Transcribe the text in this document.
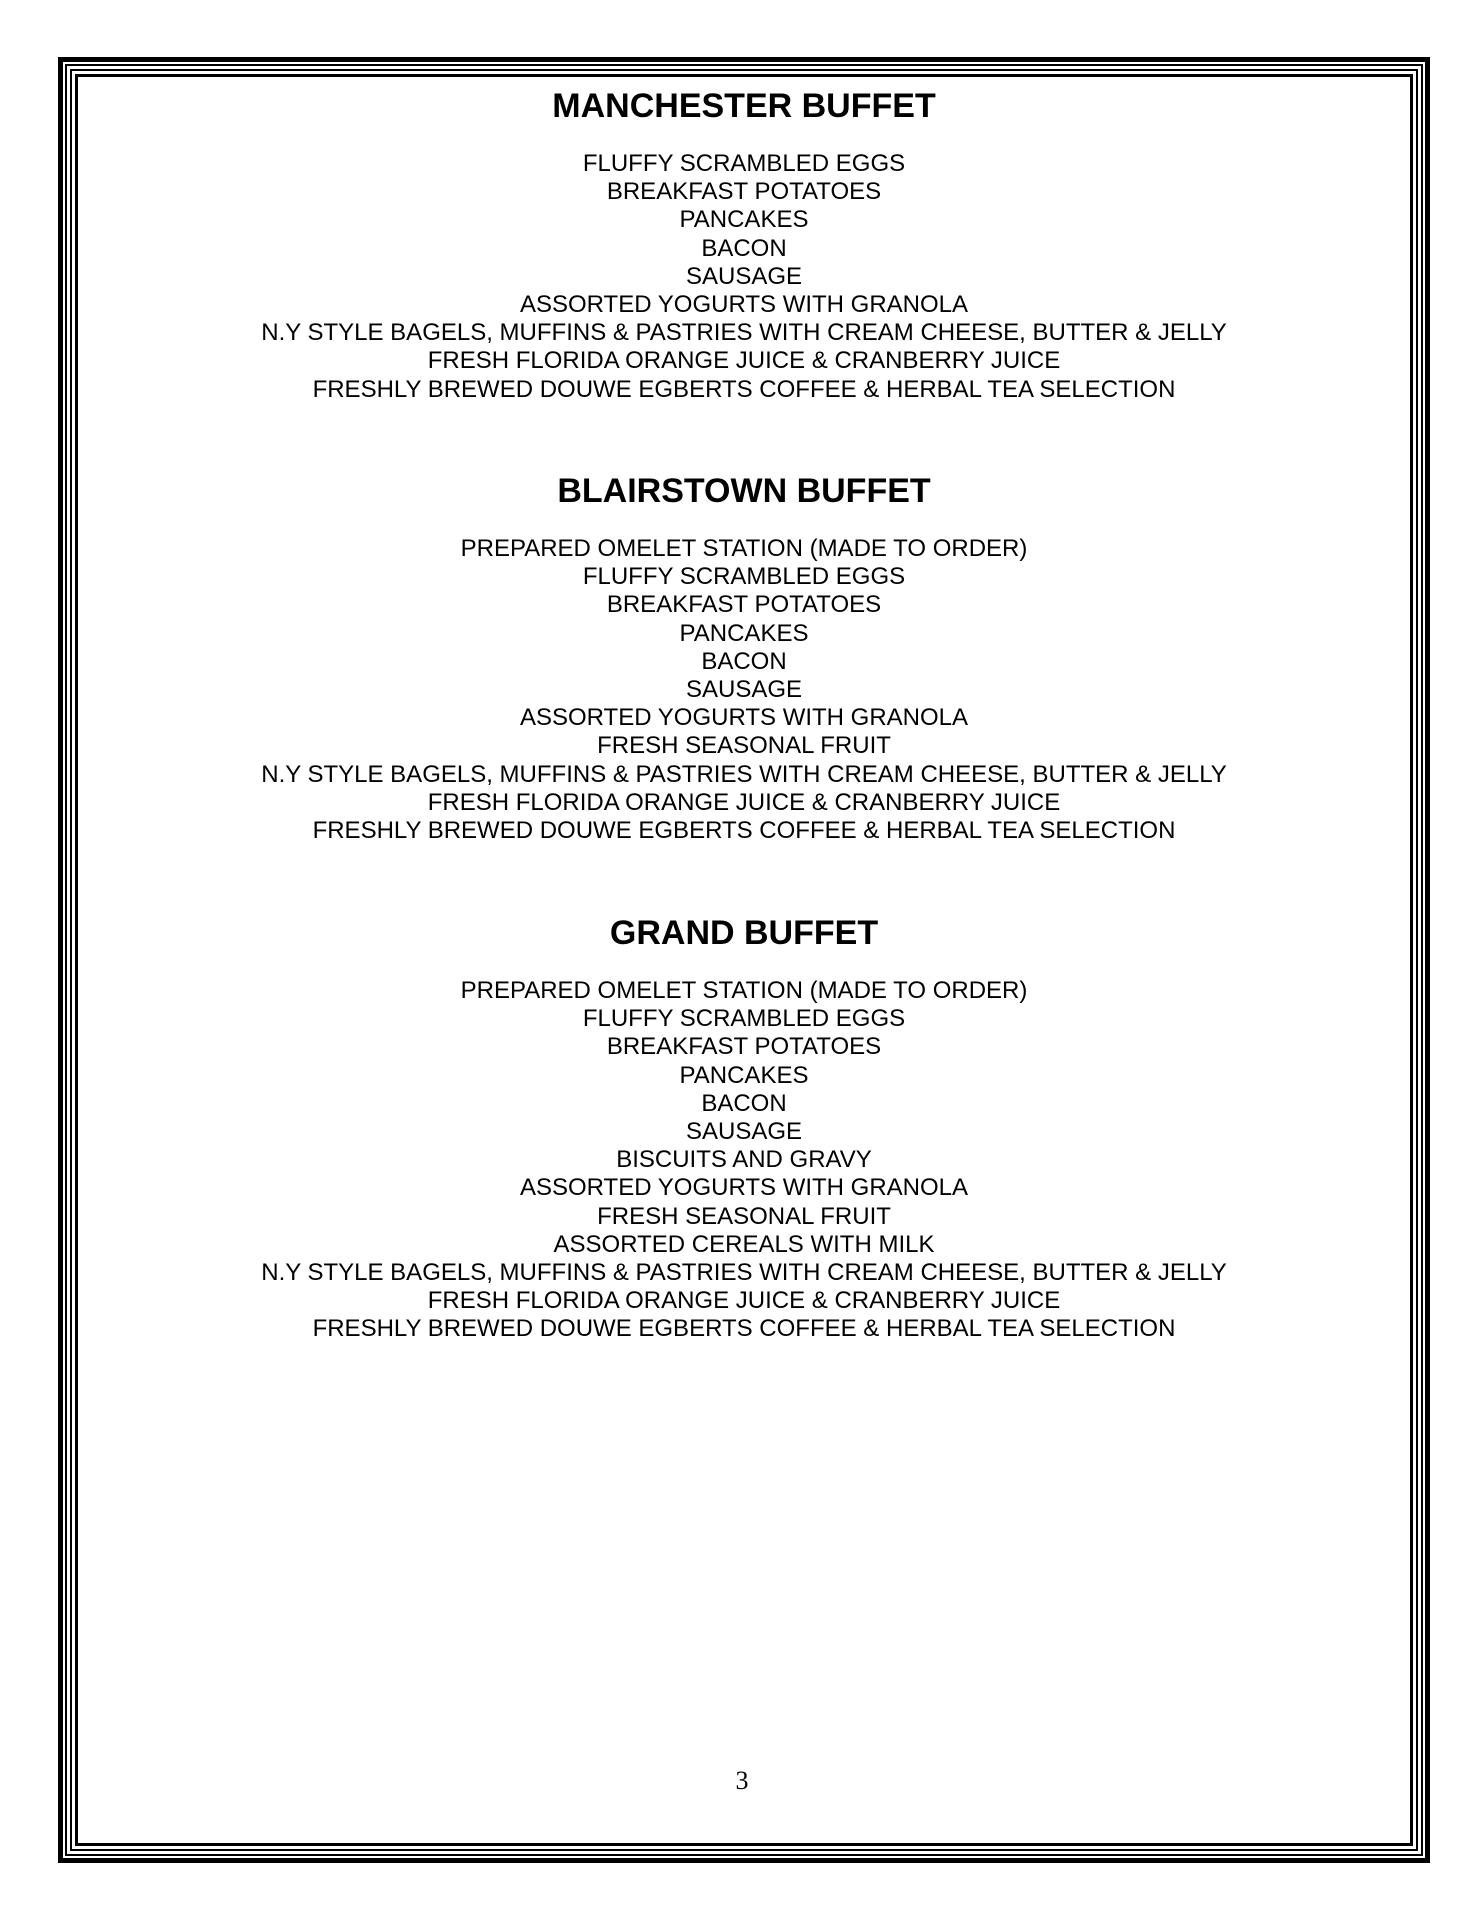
MANCHESTER BUFFET
FLUFFY SCRAMBLED EGGS
BREAKFAST POTATOES
PANCAKES
BACON
SAUSAGE
ASSORTED YOGURTS WITH GRANOLA
N.Y STYLE BAGELS, MUFFINS & PASTRIES WITH CREAM CHEESE, BUTTER & JELLY
FRESH FLORIDA ORANGE JUICE & CRANBERRY JUICE
FRESHLY BREWED DOUWE EGBERTS COFFEE & HERBAL TEA SELECTION
BLAIRSTOWN BUFFET
PREPARED OMELET STATION (MADE TO ORDER)
FLUFFY SCRAMBLED EGGS
BREAKFAST POTATOES
PANCAKES
BACON
SAUSAGE
ASSORTED YOGURTS WITH GRANOLA
FRESH SEASONAL FRUIT
N.Y STYLE BAGELS, MUFFINS & PASTRIES WITH CREAM CHEESE, BUTTER & JELLY
FRESH FLORIDA ORANGE JUICE & CRANBERRY JUICE
FRESHLY BREWED DOUWE EGBERTS COFFEE & HERBAL TEA SELECTION
GRAND BUFFET
PREPARED OMELET STATION (MADE TO ORDER)
FLUFFY SCRAMBLED EGGS
BREAKFAST POTATOES
PANCAKES
BACON
SAUSAGE
BISCUITS AND GRAVY
ASSORTED YOGURTS WITH GRANOLA
FRESH SEASONAL FRUIT
ASSORTED CEREALS WITH MILK
N.Y STYLE BAGELS, MUFFINS & PASTRIES WITH CREAM CHEESE, BUTTER & JELLY
FRESH FLORIDA ORANGE JUICE & CRANBERRY JUICE
FRESHLY BREWED DOUWE EGBERTS COFFEE & HERBAL TEA SELECTION
3
